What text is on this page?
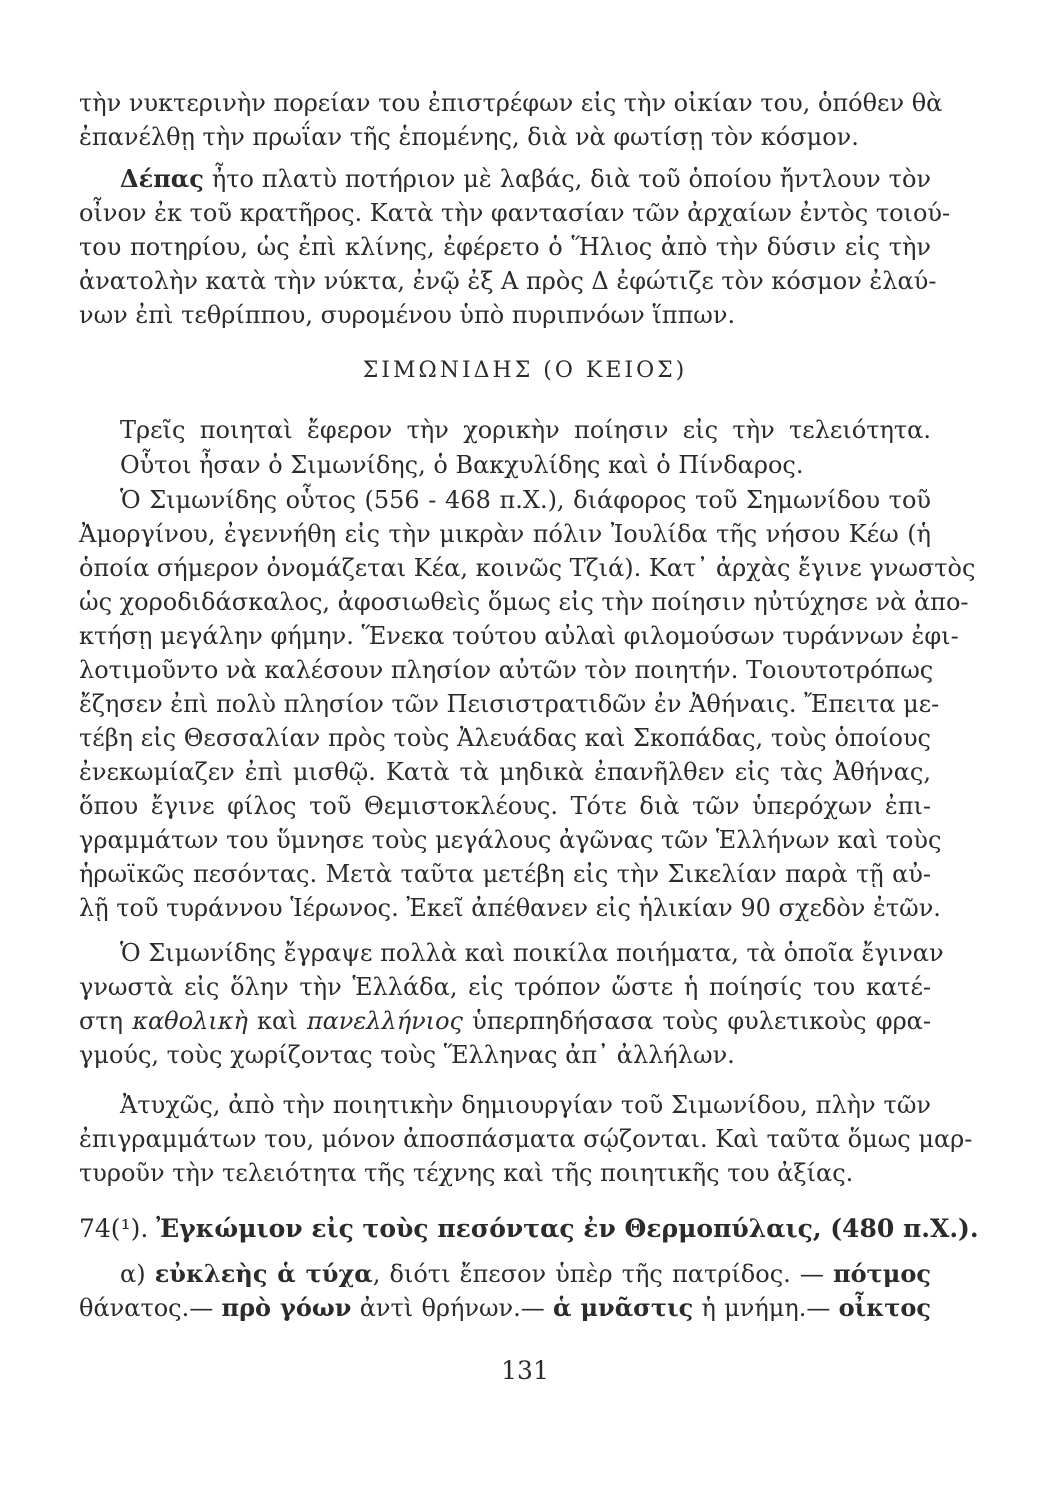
τὴν νυκτερινὴν πορείαν του ἐπιστρέφων εἰς τὴν οἰκίαν του, ὁπόθεν θὰ
ἐπανέλθῃ τὴν πρωΐαν τῆς ἑπομένης, διὰ νὰ φωτίσῃ τὸν κόσμον.
Δέπας ἦτο πλατὺ ποτήριον μὲ λαβάς, διὰ τοῦ ὁποίου ἤντλουν τὸν
οἶνον ἐκ τοῦ κρατῆρος. Κατὰ τὴν φαντασίαν τῶν ἀρχαίων ἐντὸς τοιού-
του ποτηρίου, ὡς ἐπὶ κλίνης, ἐφέρετο ὁ Ἥλιος ἀπὸ τὴν δύσιν εἰς τὴν
ἀνατολὴν κατὰ τὴν νύκτα, ἐνῷ ἐξ Α πρὸς Δ ἐφώτιζε τὸν κόσμον ἐλαύ-
νων ἐπὶ τεθρίππου, συρομένου ὑπὸ πυριπνόων ἵππων.
ΣΙΜΩΝΙΔΗΣ (Ο ΚΕΙΟΣ)
Τρεῖς ποιηταὶ ἔφερον τὴν χορικὴν ποίησιν εἰς τὴν τελειότητα.
Οὗτοι ἦσαν ὁ Σιμωνίδης, ὁ Βακχυλίδης καὶ ὁ Πίνδαρος.
Ὁ Σιμωνίδης οὗτος (556 - 468 π.Χ.), διάφορος τοῦ Σημωνίδου τοῦ
Ἀμοργίνου, ἐγεννήθη εἰς τὴν μικρὰν πόλιν Ἰουλίδα τῆς νήσου Κέω (ἡ
ὁποία σήμερον ὀνομάζεται Κέα, κοινῶς Τζιά). Κατ᾽ ἀρχὰς ἔγινε γνωστὸς
ὡς χοροδιδάσκαλος, ἀφοσιωθεὶς ὅμως εἰς τὴν ποίησιν ηὐτύχησε νὰ ἀπο-
κτήσῃ μεγάλην φήμην. Ἕνεκα τούτου αὐλαὶ φιλομούσων τυράννων ἐφι-
λοτιμοῦντο νὰ καλέσουν πλησίον αὐτῶν τὸν ποιητήν. Τοιουτοτρόπως
ἔζησεν ἐπὶ πολὺ πλησίον τῶν Πεισιστρατιδῶν ἐν Ἀθήναις. Ἔπειτα με-
τέβη εἰς Θεσσαλίαν πρὸς τοὺς Ἀλευάδας καὶ Σκοπάδας, τοὺς ὁποίους
ἐνεκωμίαζεν ἐπὶ μισθῷ. Κατὰ τὰ μηδικὰ ἐπανῆλθεν εἰς τὰς Ἀθήνας,
ὅπου ἔγινε φίλος τοῦ Θεμιστοκλέους. Τότε διὰ τῶν ὑπερόχων ἐπι-
γραμμάτων του ὕμνησε τοὺς μεγάλους ἀγῶνας τῶν Ἑλλήνων καὶ τοὺς
ἡρωϊκῶς πεσόντας. Μετὰ ταῦτα μετέβη εἰς τὴν Σικελίαν παρὰ τῇ αὐ-
λῇ τοῦ τυράννου Ἱέρωνος. Ἐκεῖ ἀπέθανεν εἰς ἡλικίαν 90 σχεδὸν ἐτῶν.
Ὁ Σιμωνίδης ἔγραψε πολλὰ καὶ ποικίλα ποιήματα, τὰ ὁποῖα ἔγιναν
γνωστὰ εἰς ὅλην τὴν Ἑλλάδα, εἰς τρόπον ὥστε ἡ ποίησίς του κατέ-
στη καθολικὴ καὶ πανελλήνιος ὑπερπηδήσασα τοὺς φυλετικοὺς φρα-
γμούς, τοὺς χωρίζοντας τοὺς Ἕλληνας ἀπ᾽ ἀλλήλων.
Ἀτυχῶς, ἀπὸ τὴν ποιητικὴν δημιουργίαν τοῦ Σιμωνίδου, πλὴν τῶν
ἐπιγραμμάτων του, μόνον ἀποσπάσματα σῴζονται. Καὶ ταῦτα ὅμως μαρ-
τυροῦν τὴν τελειότητα τῆς τέχνης καὶ τῆς ποιητικῆς του ἀξίας.
74(¹). Ἐγκώμιον εἰς τοὺς πεσόντας ἐν Θερμοπύλαις, (480 π.Χ.).
α) εὐκλεὴς ἁ τύχα, διότι ἔπεσον ὑπὲρ τῆς πατρίδος. — πότμος
θάνατος.— πρὸ γόων ἀντὶ θρήνων.— ἁ μνᾶστις ἡ μνήμη.— οἶκτος
131
